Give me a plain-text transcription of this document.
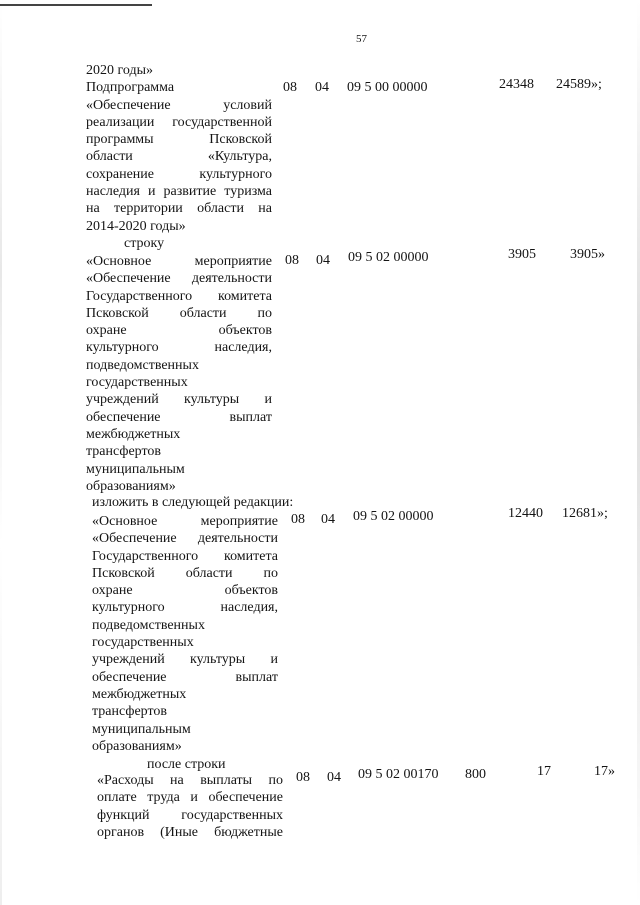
57
2020 годы»
Подпрограмма
«Обеспечение условий
реализации государственной
программы Псковской
области «Культура,
сохранение культурного
наследия и развитие туризма
на территории области на
2014-2020 годы»
08 04 09 5 00 00000	24348 24589»;
строку
«Основное мероприятие
«Обеспечение деятельности
Государственного комитета
Псковской области по
охране объектов
культурного наследия,
подведомственных
государственных
учреждений культуры и
обеспечение выплат
межбюджетных
трансфертов
муниципальным
образованиям»
08 04 09 5 02 00000	3905 3905»
изложить в следующей редакции:
«Основное мероприятие
«Обеспечение деятельности
Государственного комитета
Псковской области по
охране объектов
культурного наследия,
подведомственных
государственных
учреждений культуры и
обеспечение выплат
межбюджетных
трансфертов
муниципальным
образованиям»
08 04 09 5 02 00000	12440 12681»;
после строки
«Расходы на выплаты по
оплате труда и обеспечение
функций государственных
органов (Иные бюджетные
08 04 09 5 02 00170 800	17	17»
